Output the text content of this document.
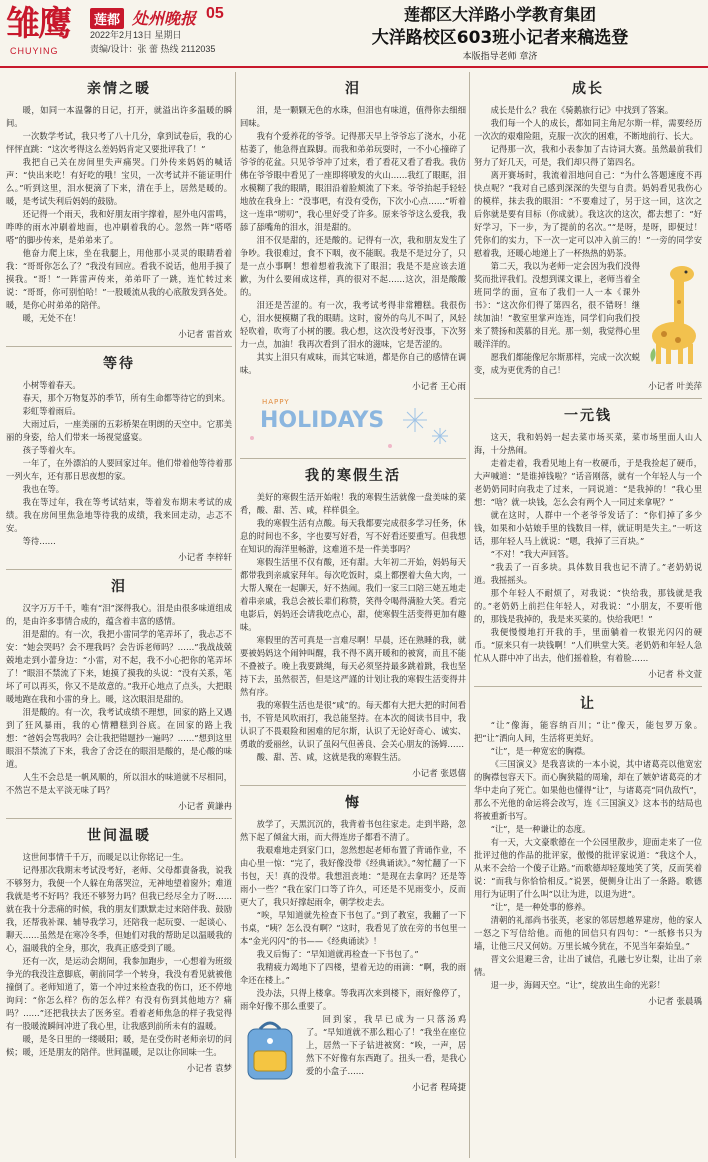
雏鹰
CHUYING
莲都 处州晚报 05
2022年2月13日 星期日
责编/设计：张 蕾 热线 2112035
莲都区大洋路小学教育集团
大洋路校区603班小记者来稿选登
本版指导老师 章济
亲情之暖

暖，如同一本温馨的日记，打开，就溢出许多温暖的瞬间。

一次数学考试，我只考了八十几分，拿到试卷后，我的心怦怦直跳：“这次考得这么差妈妈肯定又要批评我了！”

我把自己关在房间里失声痛哭。门外传来妈妈的喊话声：“快出来吃！有好吃的哦！宝贝，一次考试并不能证明什么。”听到这里，泪水便滴了下来，清在手上，居然是暖的。暖，是考试失利后妈妈的鼓励。

还记得一个雨天，我和好朋友雨宇撑着，屋外电闪雷鸣，哗哗的雨水冲刷着地面，也冲刷着我的心。忽然一阵“嗒嗒嗒”的脚步传来，是弟弟来了。

他奋力爬上床，坐在我腿上，用他那小灵灵的眼睛看着我：“哥哥你怎么了？”我没有回应。看我不说话，他用手摸了摸我。“哥！”一阵雷声传来，弟弟吓了一跳，连忙转过来说：“哥哥，你可别怕哈！”一股暖流从我的心底散发到各处。暖，是你心时弟弟的陪伴。

暖，无处不在！

小记者 雷首欢
等待

小树等着春天。

春天，那个万物复苏的季节，所有生命都等待它的到来。

彩虹等着雨后。

大雨过后，一座美丽的五彩桥架在明朗的天空中。它那美丽的身姿，给人们带来一场视觉盛宴。

孩子等着火车。

一年了，在外漂泊的人要回家过年。他们带着他等待着那一列火车，还有那日思夜想的家。

我也在等。

我在等过年，我在等考试结束，等着发布期末考试的成绩。我在房间里焦急地等待我的成绩，我来回走动，忐忑不安。

等待……

小记者 李梓轩
泪

汉字万万千千，唯有“泪”深得我心。泪是由很多味道组成的，是由许多事情合成的，蕴含着丰富的感情。

泪是甜的。有一次，我把小雷同学的笔弄坏了，我忐忑不安：“她会哭吗？会不理我吗？会告诉老师吗？……”我战战兢兢地走到小蕾身边：“小雷，对不起，我不小心把你的笔弄坏了！”眼泪不禁流了下来，她摸了摸我的头说：“没有关系，笔坏了可以再买，你又不是故意的。”我开心地点了点头，大把眼暖地跑在我和小雷的身上。暖，这次眼泪是甜的。

泪是酸的。有一次，我考试成绩不理想，回家的路上又遇到了狂风暴雨，我的心情糟糕到谷底。在回家的路上我想：“爸妈会骂我吗？会让我把错题抄一遍吗？……”想到这里眼泪不禁流了下来，我舍了舍泛在的眼泪是酸的，是心酸的味道。

人生不会总是一帆风顺的，所以泪水的味道就不尽相同，不然岂不是太平淡无味了吗？

小记者 黄謙冉
世间温暖

这世间事情千千万，而暖足以让你铭记一生。

记得那次我期末考试没考好，老师、父母都責备我，说我不够努力，我便一个人躲在角落哭泣，无神地望着窗外；难道我就是考不好吗？我还不够努力吗？但我已经尽全力了呀……就在我十分悲痛的时候，我的朋友们默默走过来陪伴我、鼓励我，还帮我补课、辅导我学习，还陪我一起玩耍、一起谈心、聊天……虽然是在寒冷冬季，但她们对我的帮助足以温暖我的心，温暖我的全身，那次，我真正感受到了暖。

还有一次，是运动会期间，我参加跑步，一心想着为班级争光的我没注意脚底，朝前同学一个转身，我没有看见就被他撞倒了。老师知道了，第一个冲过来检查我的伤口，还不停地询问：“你怎么样？伤的怎么样？有没有伤到其他地方？痛吗？……”还把我扶去了医务室。看着老师焦急的样子我觉得有一股暖流瞬间冲进了我心里，让我感到前所未有的温暖。

暖，是冬日里的一缕暖阳；暖，是在受伤时老师亲切的问候；暖，还是朋友的陪伴。世间温暖，足以让你回味一生。

小记者 袁梦
泪

泪，是一颗颗无色的水珠，但泪也有味道，值得你去细细回味。

我有个爱养花的爷爷。记得那天早上爷爷忘了浇水，小花枯萎了，他急得直跺脚。而我和弟弟玩耍时，一不小心撞碎了爷爷的花盆。只见爷爷冲了过来，看了看花又看了看我。我仿佛在爷爷眼中看见了一座即将喷发的火山……我红了眼眶，泪水模糊了我的眼睛，眼泪沿着脸颊流了下来。爷爷抬起手轻轻地放在我身上：“没事吧，有没有受伤，下次小心点……”听着这一连串“唠叨”，我心里好受了许多。原来爷爷这么爱我，我舔了舔嘴角的泪水，泪是甜的。

泪不仅是甜的，还是酸的。记得有一次，我和朋友发生了争吵。我很难过，食不下咽，夜不能眠。我是不是过分了，只是一点小事啊！想着想着我流下了眼泪；我是不是应该去道歉，为什么要闹成这样，真的很对不起……这次，泪是酸酸的。

泪还是苦涩的。有一次，我考试考得非常糟糕。我很伤心，泪水便模糊了我的眼睛。这时，窗外的鸟儿不叫了，风轻轻吹着，吹弯了小树的腰。我心想，这次没考好没事，下次努力一点，加油！我再次看到了泪水的滋味，它是苦涩的。

其实上泪只有咸味，而其它味道，都是你自己的感情在调味。

小记者 王心雨
HAPPY
HOLIDAYS
我的寒假生活

美好的寒假生活开始啦！我的寒假生活就像一盘美味的菜肴，酸、甜、苦、咸，样样俱全。

我的寒假生活有点酸。每天我都要完成很多学习任务，休息的时间也不多，字也要写好看，写不好看还要重写。但我想在知识的海洋里畅游，这难道不是一件美事吗？

寒假生活里不仅有酸，还有甜。大年初二开始，妈妈每天都带我到亲戚家拜年。每次吃饭时，桌上都摆着大鱼大肉，一大帮人聚在一起聊天，好不热闹。我们一家三口陪三姥五地走着串亲戚，我总会被长辈们称赞，笑得令喝得满脸大笑。看完电影后，妈妈还会请我吃点心，甜，使寒假生活变得更加有趣味。

寒假里的苦可真是一言难尽啊！早晨，还在熟睡的我，就要被妈妈这个闹钟叫醒，我不得不离开暖和的被窝，而且不能不叠被子。晚上我要跳绳，每天必须坚持最多跳着跳，我也坚持下去，虽然很苦，但是这严謹的计划让我的寒假生活变得井然有序。

我的寒假生活也是很“咸”的。每天都有大把大把的时间看书，不管是风吹雨打，我总能坚持。在本次的阅读书目中，我认识了不畏艰险和困难的尼尔斯，认识了无论好奇心、诚实、勇敢的爱丽丝，认识了虽闷气但善良、会关心朋友的汤姆……

酸、甜、苦、咸，这就是我的寒假生活。

小记者 张恩僖
悔

放学了，天黑沉沉的，我背着书包往家走。走到半路，忽然下起了倾盆大雨，而大得连房子都看不清了。

我艰难地走到家门口，忽然想起老师布置了背诵作业，不由心里一惊：“完了，我好像没带《经典诵读》。”匆忙翻了一下书包，天！真的没带。我想沮丧地：“是现在去拿吗？还是等雨小一些？”我在家门口等了许久，可还是不见雨变小，反而更大了，我只好撑起雨伞，朝学校走去。

“唉，早知道就先检查下书包了。”到了教室，我翻了一下书桌，“咦？怎么没有啊？”这时，我看见了放在旁的书包里一本“金光闪闪”的书——《经典诵读》！

我又后悔了：“早知道就再检查一下书包了。”

我精疲力竭地下了四楼，望着无边的雨滴：“啊，我的雨伞还在楼上。”

没办法，只得上楼拿。等我再次来到楼下，雨好像停了，雨伞好像不那么重要了。

回到家，我早已成为一只落汤鸡了。“早知道就不那么粗心了！”我坐在座位上，居然一下子钻进被窝：“唉，一声，居然下不好像有东西跑了。扭头一看，是我心爱的小盒子……

小记者 程琦捷
成长

成长是什么？我在《骑鹅旅行记》中找到了答案。

我们每一个人的成长，都如同主角尼尔斯一样，需要经历一次次的艰难险阻，克服一次次的困难，不断地前行、长大。

记得那一次，我和小表参加了古诗词大赛。虽然最前我们努力了好几天，可是，我们却只得了第四名。

离开赛场时，我流着泪地问自己：“为什么答题速度不再快点呢？”我对自己感到深深的失望与自责。妈妈看见我伤心的模样，抹去我的眼泪：“不要难过了，另于这一回，这次之后你就是要有目标（你成就）。我这次的这次，都去想了：“好好学习，下一步，为了提前的名次。”“是呀，是呀，即便过！凭你们的实力，下一次一定可以冲入前三的！”一旁的同学安慰着我，还暖心地递上了一杯热热的奶茶。

第二天，我以为老师一定会因为我们没得奖而批评我们。没想到课文课上，老师当着全班同学的面，宣布了我们一人一本《课外书》：“这次你们得了第四名，很不错呀！继续加油！”教室里掌声连连，同学们向我们投来了赞扬和羡慕的目光。那一刻，我觉得心里暖洋洋的。

愿我们都能像尼尔斯那样，完成一次次蜕变，成为更优秀的自己！

小记者 叶美萍
一元钱

这天，我和妈妈一起去菜市场买菜，菜市场里面人山人海，十分热闹。

走着走着，我看见地上有一枚硬币，于是我捡起了硬币，大声喊道：“是谁掉钱啦？”话音刚落，就有一个年轻人与一个老奶奶同时向我走了过来，一同说道：“是我掉的！”我心里想：“啥？就一块钱，怎么会有两个人一同过来拿呢？”

就在这时，人群中一个老爷爷发话了：“你们掉了多少钱，如果和小姑娘手里的钱数目一样，就证明是失主。”一听这话，那年轻人马上就说：“嗯，我掉了三百块。”

“不对！”我大声回答。

“我丢了一百多块。具体数目我也记不清了。”老奶奶说道。我摇摇头。

那个年轻人不耐烦了，对我说：“快给我，那钱就是我的。”老奶奶上前拦住年轻人，对我说：“小朋友，不要听他的，那钱是我掉的，我是来买菜的。快给我吧！”

我便慢慢地打开我的手，里面躺着一枚银光闪闪的硬币。“原来只有一块钱啊！”人们哄堂大笑。老奶奶和年轻人急忙从人群中冲了出去，他们摇着脸，有着脸……

小记者 朴文萱
让

“让”像海，能容纳百川；“让”像天，能包罗万象。把“让”洒向人间，生活将更美好。

“让”，是一种宽宏的胸襟。

《三国演义》是我喜读的一本小说，其中诸葛亮以他宽宏的胸襟包容天下。而心胸狭隘的周瑜，却在了嫉妒诸葛亮的才华中走向了死亡。如果他也懂得“让”，与诸葛亮“同仇敌忾”，那么不光他的命运将会改写，连《三国演义》这本书的结局也将被重新书写。

“让”，是一种谦让的态度。

有一天，大文豪歌德在一个公园里散步，迎面走来了一位批评过他的作品的批评家，傲慢的批评家说道：“我这个人，从来不会给一个傻子让路。”而歌德却轻蔑地笑了笑，反而笑着说：“而我与你恰恰相反。”说罢，便侧身让出了一条路。歌德用行为证明了什么叫“以让为进，以退为进”。

“让”，是一种处事的修养。

清朝的礼部尚书张英，老家的邻居想越界建房，他的家人一怒之下写信给他。而他的回信只有四句：“一纸修书只为墙，让他三尺又何妨。万里长城今犹在，不见当年秦始皇。”

晋文公退避三舍，让出了诚信，孔融七岁让梨，让出了亲情。

退一步，海阔天空。“让”，绽放出生命的光彩！

小记者 张晨瑀
